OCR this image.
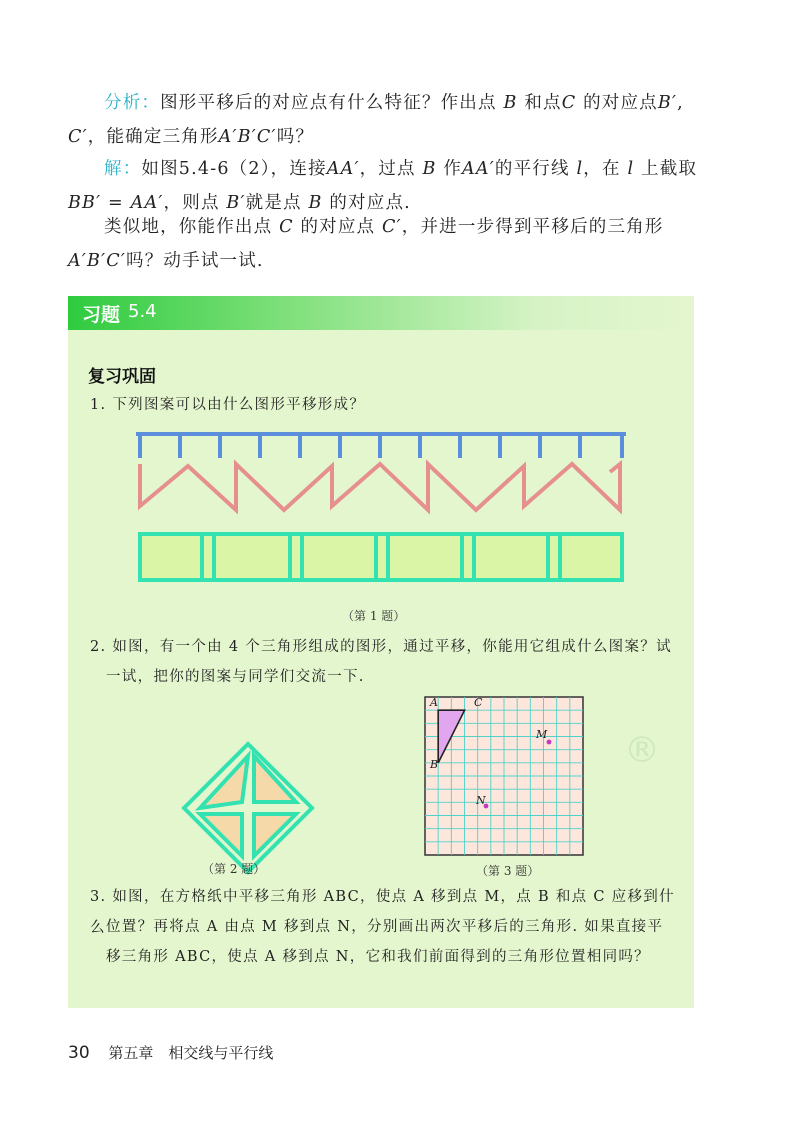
分析：图形平移后的对应点有什么特征？作出点 B 和点C 的对应点B′,
C′，能确定三角形A′B′C′吗？
解：如图5.4-6（2），连接AA′，过点 B 作AA′的平行线 l，在 l 上截取
BB′ = AA′，则点 B′就是点 B 的对应点.
类似地，你能作出点 C 的对应点 C′，并进一步得到平移后的三角形
A′B′C′吗？动手试一试.
习题 5.4
复习巩固
1. 下列图案可以由什么图形平移形成？
（第 1 题）
2. 如图，有一个由 4 个三角形组成的图形，通过平移，你能用它组成什么图案？试
一试，把你的图案与同学们交流一下.
（第 2 题）
A	C
B
M
N
（第 3 题）
®
3. 如图，在方格纸中平移三角形 ABC，使点 A 移到点 M，点 B 和点 C 应移到什么 位置？再将点 A 由点 M 移到点 N，分别画出两次平移后的三角形. 如果直接平
移三角形 ABC，使点 A 移到点 N，它和我们前面得到的三角形位置相同吗？
30 第五章　相交线与平行线
